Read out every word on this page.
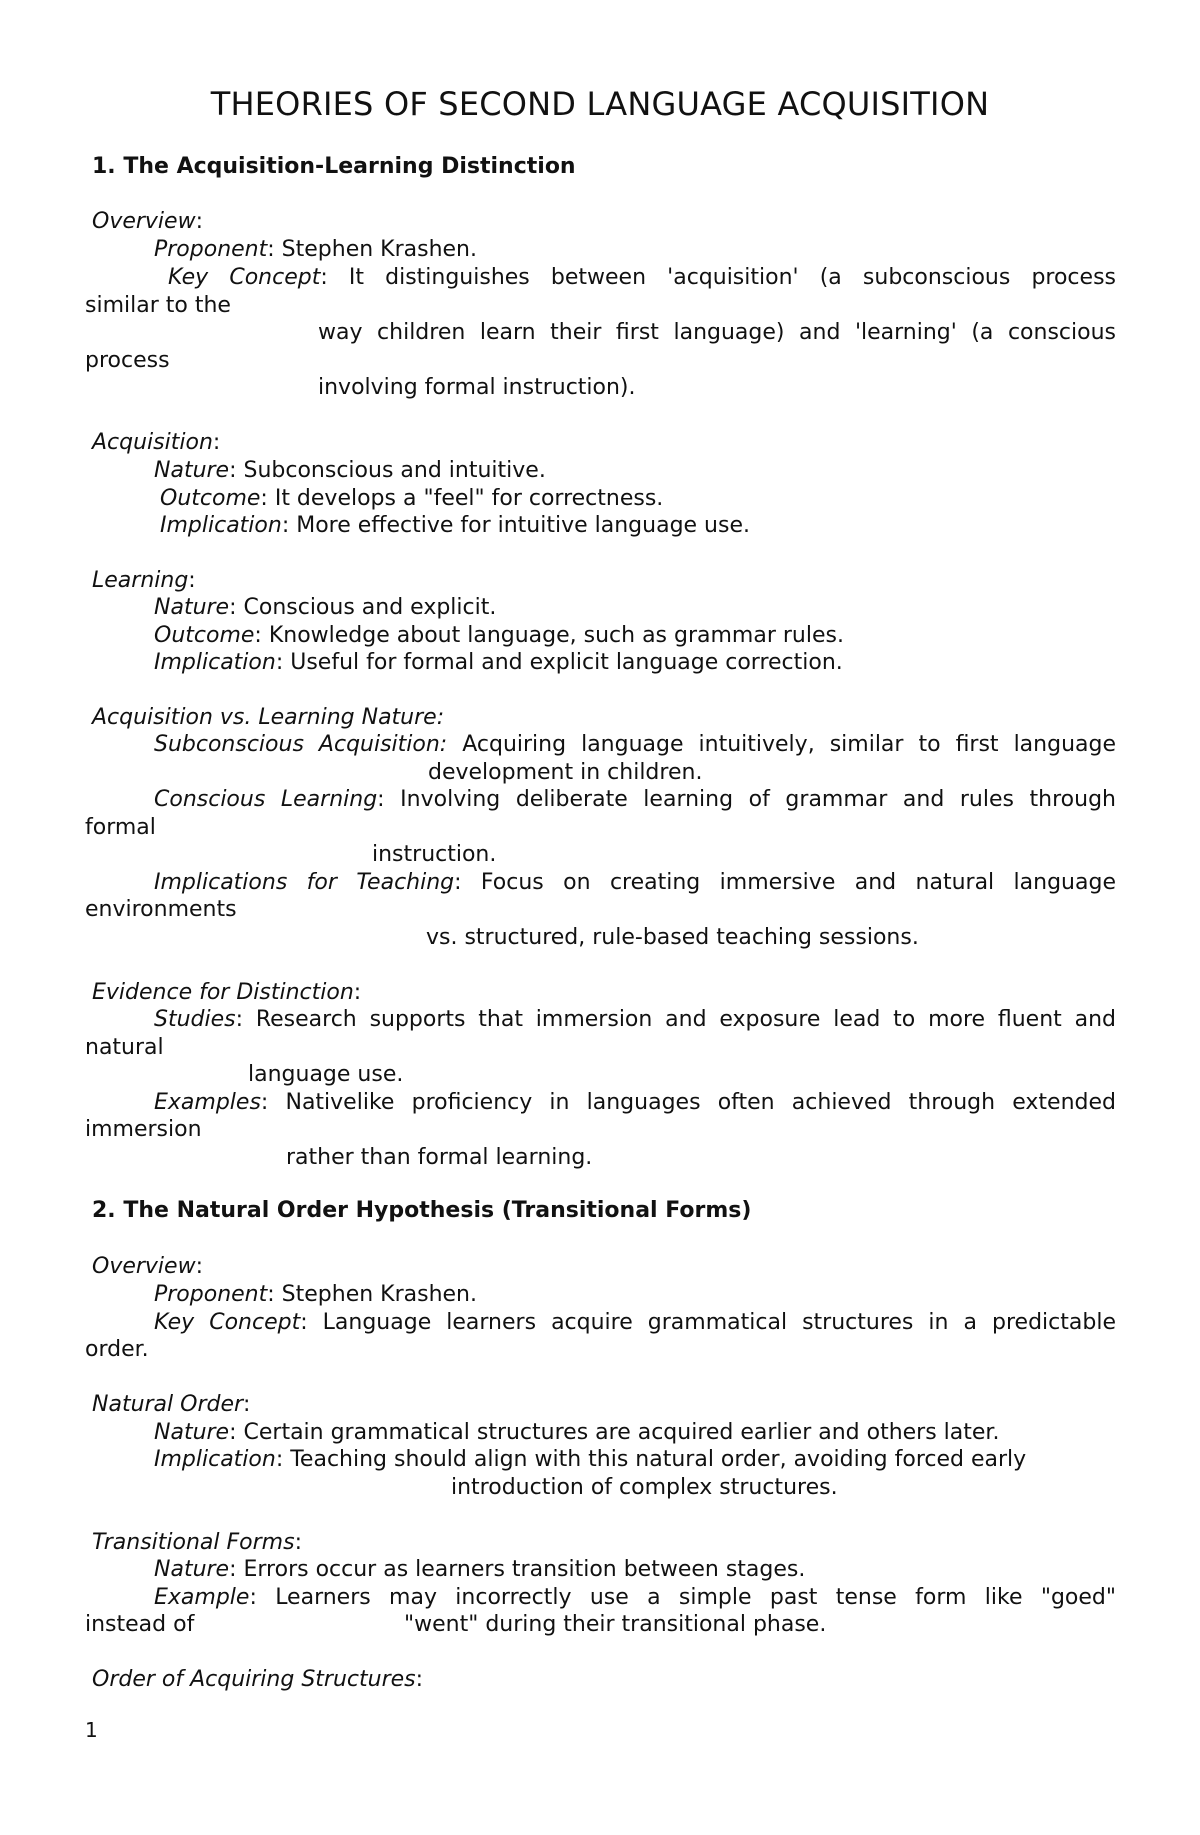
THEORIES OF SECOND LANGUAGE ACQUISITION
1. The Acquisition-Learning Distinction
Overview:
Proponent: Stephen Krashen.
Key Concept: It distinguishes between 'acquisition' (a subconscious process
similar to the
way children learn their first language) and 'learning' (a conscious
process
involving formal instruction).
Acquisition:
Nature: Subconscious and intuitive.
Outcome: It develops a "feel" for correctness.
Implication: More effective for intuitive language use.
Learning:
Nature: Conscious and explicit.
Outcome: Knowledge about language, such as grammar rules.
Implication: Useful for formal and explicit language correction.
Acquisition vs. Learning Nature:
Subconscious Acquisition: Acquiring language intuitively, similar to first language
development in children.
Conscious Learning: Involving deliberate learning of grammar and rules through
formal
instruction.
Implications for Teaching: Focus on creating immersive and natural language
environments
vs. structured, rule-based teaching sessions.
Evidence for Distinction:
Studies: Research supports that immersion and exposure lead to more fluent and
natural
language use.
Examples: Nativelike proficiency in languages often achieved through extended
immersion
rather than formal learning.
2. The Natural Order Hypothesis (Transitional Forms)
Overview:
Proponent: Stephen Krashen.
Key Concept: Language learners acquire grammatical structures in a predictable
order.
Natural Order:
Nature: Certain grammatical structures are acquired earlier and others later.
Implication: Teaching should align with this natural order, avoiding forced early
introduction of complex structures.
Transitional Forms:
Nature: Errors occur as learners transition between stages.
Example: Learners may incorrectly use a simple past tense form like "goed"
instead of	"went" during their transitional phase.
Order of Acquiring Structures:
1
